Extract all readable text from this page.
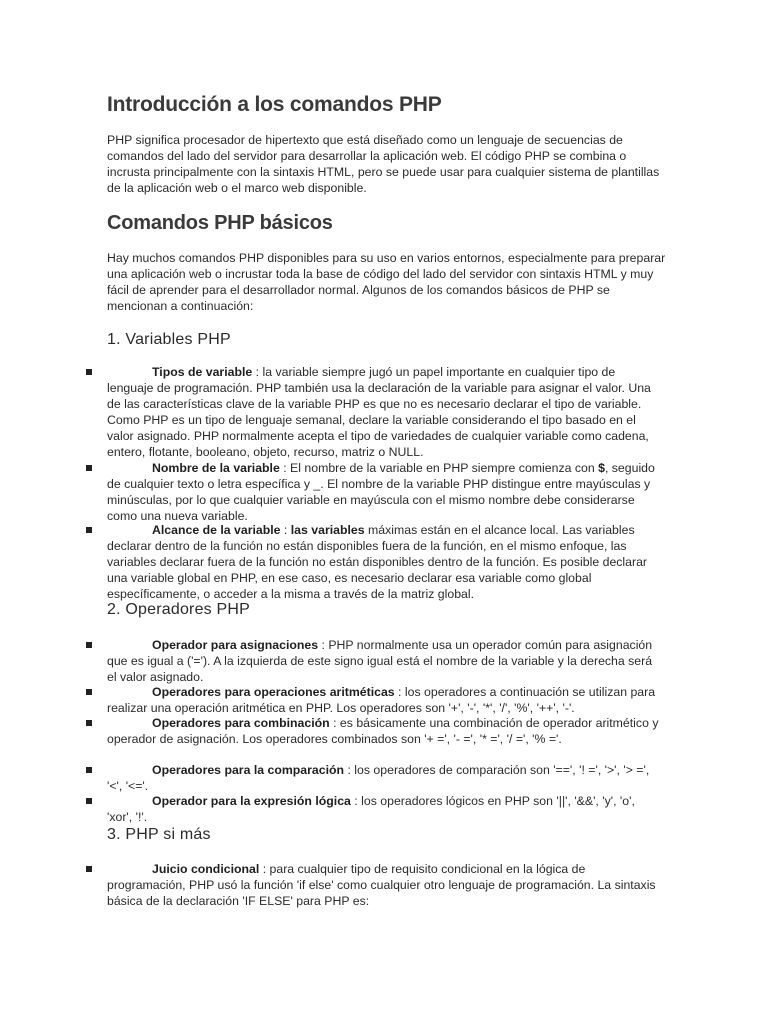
Introducción a los comandos PHP

PHP significa procesador de hipertexto que está diseñado como un lenguaje de secuencias de comandos del lado del servidor para desarrollar la aplicación web. El código PHP se combina o incrusta principalmente con la sintaxis HTML, pero se puede usar para cualquier sistema de plantillas de la aplicación web o el marco web disponible.

Comandos PHP básicos

Hay muchos comandos PHP disponibles para su uso en varios entornos, especialmente para preparar una aplicación web o incrustar toda la base de código del lado del servidor con sintaxis HTML y muy fácil de aprender para el desarrollador normal. Algunos de los comandos básicos de PHP se mencionan a continuación:

1. Variables PHP

Tipos de variable : la variable siempre jugó un papel importante en cualquier tipo de lenguaje de programación. PHP también usa la declaración de la variable para asignar el valor. Una de las características clave de la variable PHP es que no es necesario declarar el tipo de variable. Como PHP es un tipo de lenguaje semanal, declare la variable considerando el tipo basado en el valor asignado. PHP normalmente acepta el tipo de variedades de cualquier variable como cadena, entero, flotante, booleano, objeto, recurso, matriz o NULL.

Nombre de la variable : El nombre de la variable en PHP siempre comienza con $, seguido de cualquier texto o letra específica y _. El nombre de la variable PHP distingue entre mayúsculas y minúsculas, por lo que cualquier variable en mayúscula con el mismo nombre debe considerarse como una nueva variable.

Alcance de la variable : las variables máximas están en el alcance local. Las variables declarar dentro de la función no están disponibles fuera de la función, en el mismo enfoque, las variables declarar fuera de la función no están disponibles dentro de la función. Es posible declarar una variable global en PHP, en ese caso, es necesario declarar esa variable como global específicamente, o acceder a la misma a través de la matriz global.

2. Operadores PHP

Operador para asignaciones : PHP normalmente usa un operador común para asignación que es igual a ('='). A la izquierda de este signo igual está el nombre de la variable y la derecha será el valor asignado.

Operadores para operaciones aritméticas : los operadores a continuación se utilizan para realizar una operación aritmética en PHP. Los operadores son '+', '-', '*', '/', '%', '++', '-'.

Operadores para combinación : es básicamente una combinación de operador aritmético y operador de asignación. Los operadores combinados son '+ =', '- =', '* =', '/ =', '% ='.

Operadores para la comparación : los operadores de comparación son '==', '! =', '>', '> =', '<', '<='.

Operador para la expresión lógica : los operadores lógicos en PHP son '||', '&&', 'y', 'o', 'xor', '!'.

3. PHP si más

Juicio condicional : para cualquier tipo de requisito condicional en la lógica de programación, PHP usó la función 'if else' como cualquier otro lenguaje de programación. La sintaxis básica de la declaración 'IF ELSE' para PHP es:
